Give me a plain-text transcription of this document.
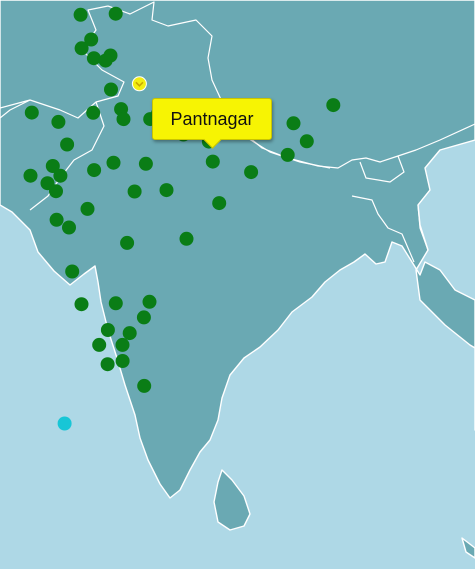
Pantnagar
